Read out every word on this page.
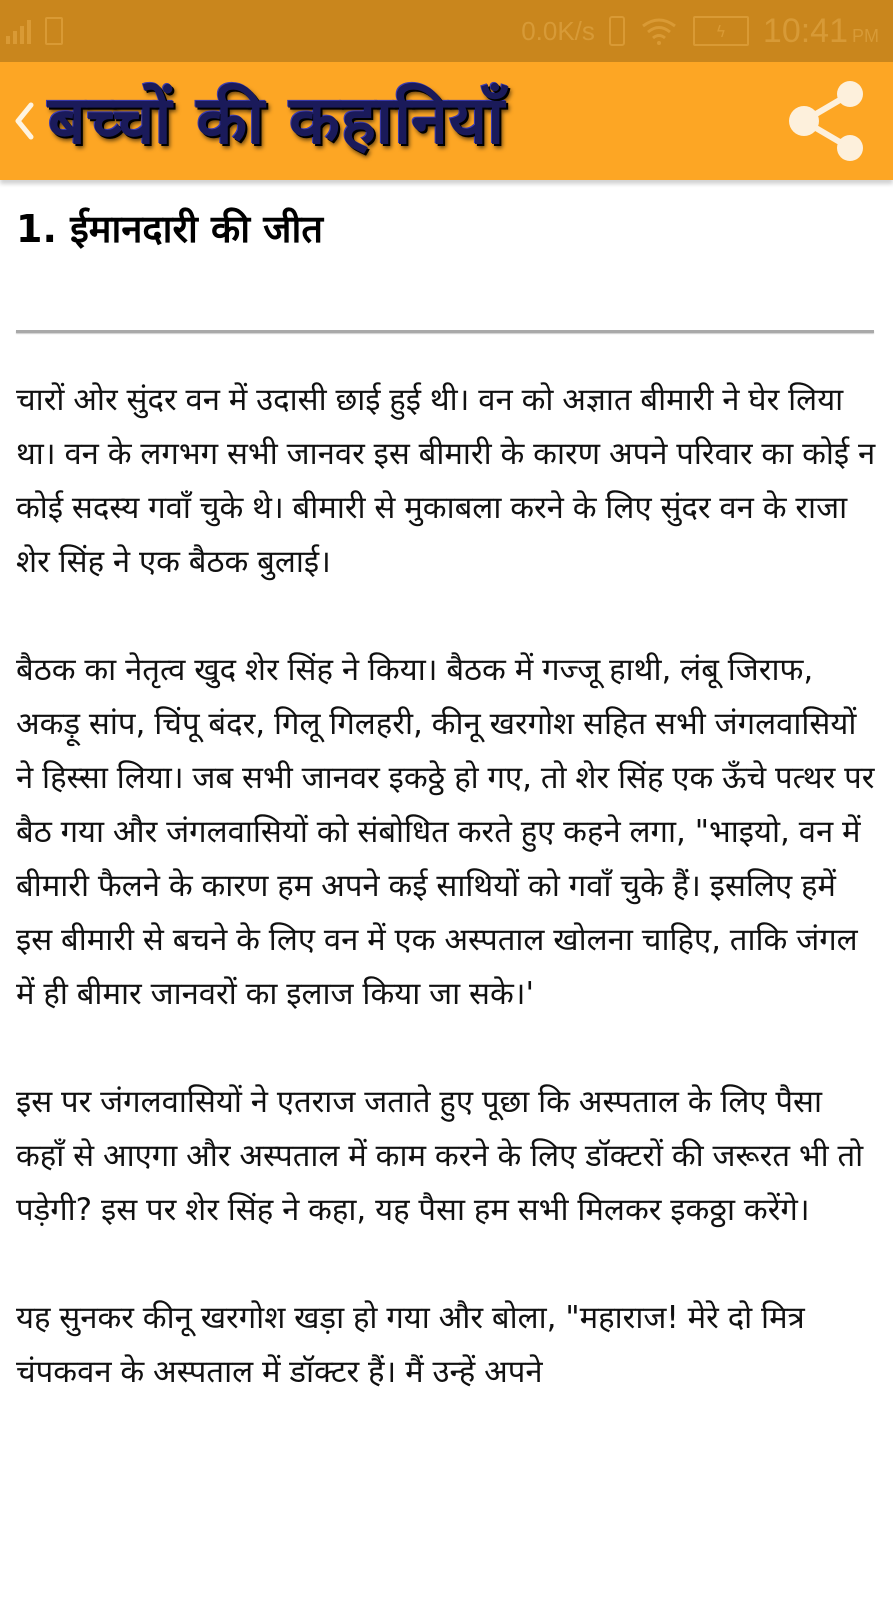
0.0K/s	ϟ	10:41 PM
बच्चों की कहानियाँ
1. ईमानदारी की जीत

चारों ओर सुंदर वन में उदासी छाई हुई थी। वन को अज्ञात बीमारी ने घेर लिया था। वन के लगभग सभी जानवर इस बीमारी के कारण अपने परिवार का कोई न कोई सदस्य गवाँ चुके थे। बीमारी से मुकाबला करने के लिए सुंदर वन के राजा शेर सिंह ने एक बैठक बुलाई।

बैठक का नेतृत्व खुद शेर सिंह ने किया। बैठक में गज्जू हाथी, लंबू जिराफ, अकड़ू सांप, चिंपू बंदर, गिलू गिलहरी, कीनू खरगोश सहित सभी जंगलवासियों ने हिस्सा लिया। जब सभी जानवर इकठ्ठे हो गए, तो शेर सिंह एक ऊँचे पत्थर पर बैठ गया और जंगलवासियों को संबोधित करते हुए कहने लगा, "भाइयो, वन में बीमारी फैलने के कारण हम अपने कई साथियों को गवाँ चुके हैं। इसलिए हमें इस बीमारी से बचने के लिए वन में एक अस्पताल खोलना चाहिए, ताकि जंगल में ही बीमार जानवरों का इलाज किया जा सके।'

इस पर जंगलवासियों ने एतराज जताते हुए पूछा कि अस्पताल के लिए पैसा कहाँ से आएगा और अस्पताल में काम करने के लिए डॉक्टरों की जरूरत भी तो पड़ेगी? इस पर शेर सिंह ने कहा, यह पैसा हम सभी मिलकर इकठ्ठा करेंगे।

यह सुनकर कीनू खरगोश खड़ा हो गया और बोला, "महाराज! मेरे दो मित्र चंपकवन के अस्पताल में डॉक्टर हैं। मैं उन्हें अपने
